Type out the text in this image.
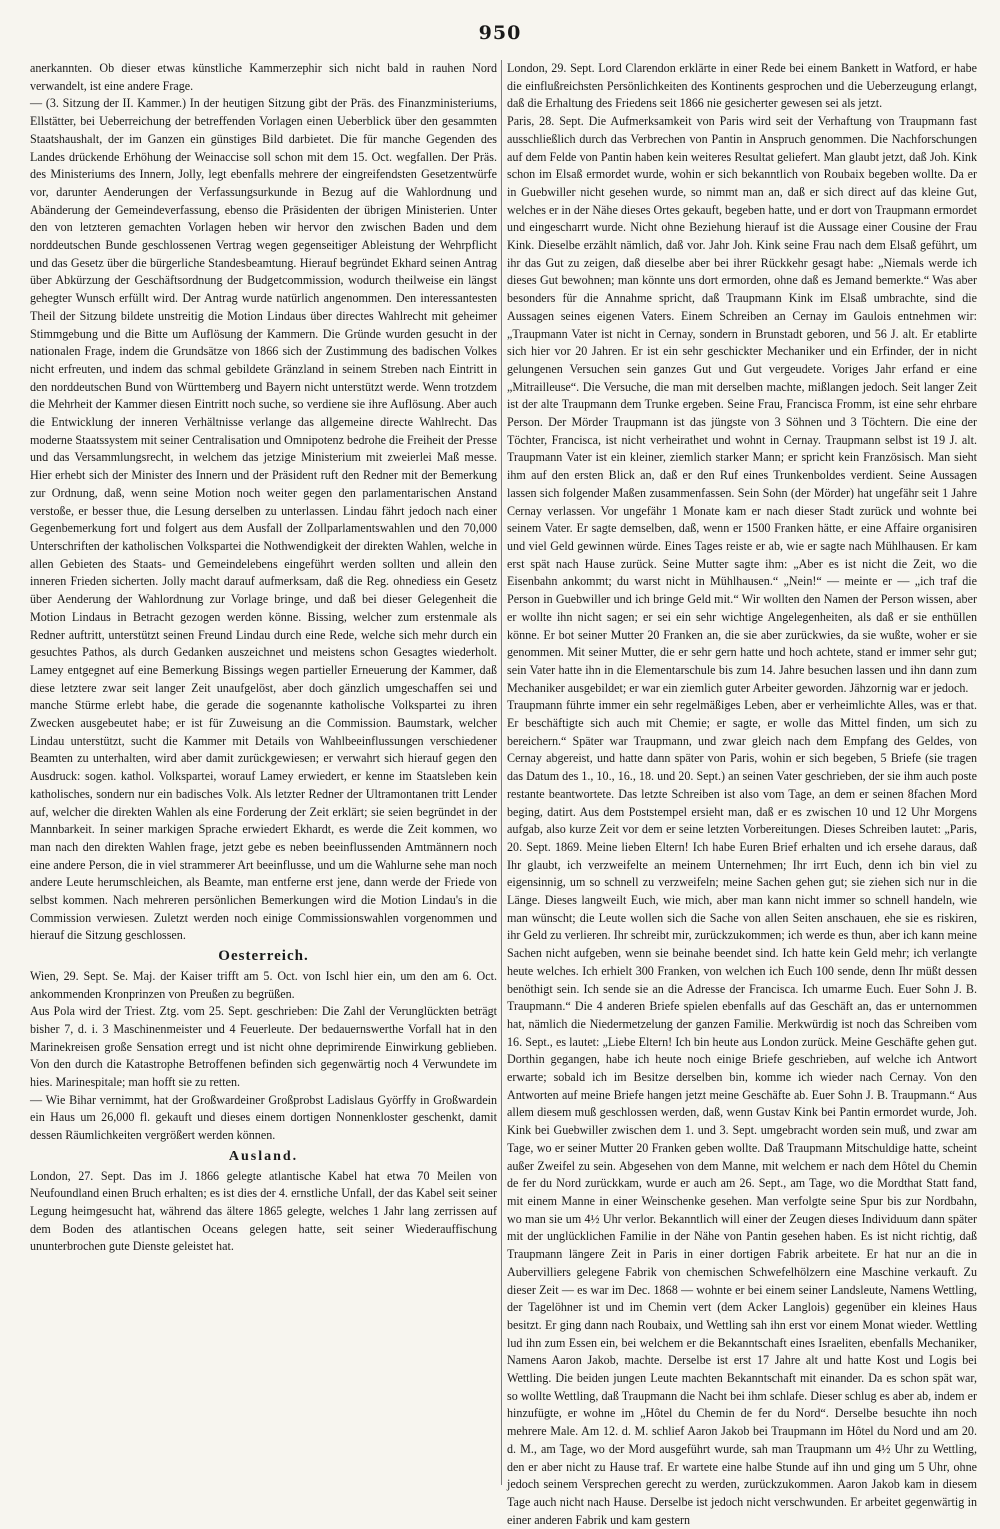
950

anerkannten. Ob dieser etwas künstliche Kammerzephir sich nicht bald in rauhen Nord verwandelt, ist eine andere Frage.

— (3. Sitzung der II. Kammer.) In der heutigen Sitzung gibt der Präs. des Finanzministeriums, Ellstätter, bei Ueberreichung der betreffenden Vorlagen einen Ueberblick über den gesammten Staatshaushalt, der im Ganzen ein günstiges Bild darbietet. Die für manche Gegenden des Landes drückende Erhöhung der Weinaccise soll schon mit dem 15. Oct. wegfallen. Der Präs. des Ministeriums des Innern, Jolly, legt ebenfalls mehrere der eingreifendsten Gesetzentwürfe vor, darunter Aenderungen der Verfassungsurkunde in Bezug auf die Wahlordnung und Abänderung der Gemeindeverfassung, ebenso die Präsidenten der übrigen Ministerien. Unter den von letzteren gemachten Vorlagen heben wir hervor den zwischen Baden und dem norddeutschen Bunde geschlossenen Vertrag wegen gegenseitiger Ableistung der Wehrpflicht und das Gesetz über die bürgerliche Standesbeamtung. Hierauf begründet Ekhard seinen Antrag über Abkürzung der Geschäftsordnung der Budgetcommission, wodurch theilweise ein längst gehegter Wunsch erfüllt wird. Der Antrag wurde natürlich angenommen. Den interessantesten Theil der Sitzung bildete unstreitig die Motion Lindaus über directes Wahlrecht mit geheimer Stimmgebung und die Bitte um Auflösung der Kammern. Die Gründe wurden gesucht in der nationalen Frage, indem die Grundsätze von 1866 sich der Zustimmung des badischen Volkes nicht erfreuten, und indem das schmal gebildete Gränzland in seinem Streben nach Eintritt in den norddeutschen Bund von Württemberg und Bayern nicht unterstützt werde. Wenn trotzdem die Mehrheit der Kammer diesen Eintritt noch suche, so verdiene sie ihre Auflösung. Aber auch die Entwicklung der inneren Verhältnisse verlange das allgemeine directe Wahlrecht. Das moderne Staatssystem mit seiner Centralisation und Omnipotenz bedrohe die Freiheit der Presse und das Versammlungsrecht, in welchem das jetzige Ministerium mit zweierlei Maß messe. Hier erhebt sich der Minister des Innern und der Präsident ruft den Redner mit der Bemerkung zur Ordnung, daß, wenn seine Motion noch weiter gegen den parlamentarischen Anstand verstoße, er besser thue, die Lesung derselben zu unterlassen. Lindau fährt jedoch nach einer Gegenbemerkung fort und folgert aus dem Ausfall der Zollparlamentswahlen und den 70,000 Unterschriften der katholischen Volkspartei die Nothwendigkeit der direkten Wahlen, welche in allen Gebieten des Staats- und Gemeindelebens eingeführt werden sollten und allein den inneren Frieden sicherten. Jolly macht darauf aufmerksam, daß die Reg. ohnediess ein Gesetz über Aenderung der Wahlordnung zur Vorlage bringe, und daß bei dieser Gelegenheit die Motion Lindaus in Betracht gezogen werden könne. Bissing, welcher zum erstenmale als Redner auftritt, unterstützt seinen Freund Lindau durch eine Rede, welche sich mehr durch ein gesuchtes Pathos, als durch Gedanken auszeichnet und meistens schon Gesagtes wiederholt. Lamey entgegnet auf eine Bemerkung Bissings wegen partieller Erneuerung der Kammer, daß diese letztere zwar seit langer Zeit unaufgelöst, aber doch gänzlich umgeschaffen sei und manche Stürme erlebt habe, die gerade die sogenannte katholische Volkspartei zu ihren Zwecken ausgebeutet habe; er ist für Zuweisung an die Commission. Baumstark, welcher Lindau unterstützt, sucht die Kammer mit Details von Wahlbeeinflussungen verschiedener Beamten zu unterhalten, wird aber damit zurückgewiesen; er verwahrt sich hierauf gegen den Ausdruck: sogen. kathol. Volkspartei, worauf Lamey erwiedert, er kenne im Staatsleben kein katholisches, sondern nur ein badisches Volk. Als letzter Redner der Ultramontanen tritt Lender auf, welcher die direkten Wahlen als eine Forderung der Zeit erklärt; sie seien begründet in der Mannbarkeit. In seiner markigen Sprache erwiedert Ekhardt, es werde die Zeit kommen, wo man nach den direkten Wahlen frage, jetzt gebe es neben beeinflussenden Amtmännern noch eine andere Person, die in viel strammerer Art beeinflusse, und um die Wahlurne sehe man noch andere Leute herumschleichen, als Beamte, man entferne erst jene, dann werde der Friede von selbst kommen. Nach mehreren persönlichen Bemerkungen wird die Motion Lindau's in die Commission verwiesen. Zuletzt werden noch einige Commissionswahlen vorgenommen und hierauf die Sitzung geschlossen.

Oesterreich.

Wien, 29. Sept. Se. Maj. der Kaiser trifft am 5. Oct. von Ischl hier ein, um den am 6. Oct. ankommenden Kronprinzen von Preußen zu begrüßen.

Aus Pola wird der Triest. Ztg. vom 25. Sept. geschrieben: Die Zahl der Verunglückten beträgt bisher 7, d. i. 3 Maschinenmeister und 4 Feuerleute. Der bedauernswerthe Vorfall hat in den Marinekreisen große Sensation erregt und ist nicht ohne deprimirende Einwirkung geblieben. Von den durch die Katastrophe Betroffenen befinden sich gegenwärtig noch 4 Verwundete im hies. Marinespitale; man hofft sie zu retten.

— Wie Bihar vernimmt, hat der Großwardeiner Großprobst Ladislaus Györffy in Großwardein ein Haus um 26,000 fl. gekauft und dieses einem dortigen Nonnenkloster geschenkt, damit dessen Räumlichkeiten vergrößert werden können.

Ausland.

London, 27. Sept. Das im J. 1866 gelegte atlantische Kabel hat etwa 70 Meilen von Neufoundland einen Bruch erhalten; es ist dies der 4. ernstliche Unfall, der das Kabel seit seiner Legung heimgesucht hat, während das ältere 1865 gelegte, welches 1 Jahr lang zerrissen auf dem Boden des atlantischen Oceans gelegen hatte, seit seiner Wiederauffischung ununterbrochen gute Dienste geleistet hat.

London, 29. Sept. Lord Clarendon erklärte in einer Rede bei einem Bankett in Watford, er habe die einflußreichsten Persönlichkeiten des Kontinents gesprochen und die Ueberzeugung erlangt, daß die Erhaltung des Friedens seit 1866 nie gesicherter gewesen sei als jetzt.

Paris, 28. Sept. Die Aufmerksamkeit von Paris wird seit der Verhaftung von Traupmann fast ausschließlich durch das Verbrechen von Pantin in Anspruch genommen. Die Nachforschungen auf dem Felde von Pantin haben kein weiteres Resultat geliefert. Man glaubt jetzt, daß Joh. Kink schon im Elsaß ermordet wurde, wohin er sich bekanntlich von Roubaix begeben wollte. Da er in Guebwiller nicht gesehen wurde, so nimmt man an, daß er sich direct auf das kleine Gut, welches er in der Nähe dieses Ortes gekauft, begeben hatte, und er dort von Traupmann ermordet und eingescharrt wurde. Nicht ohne Beziehung hierauf ist die Aussage einer Cousine der Frau Kink. Dieselbe erzählt nämlich, daß vor. Jahr Joh. Kink seine Frau nach dem Elsaß geführt, um ihr das Gut zu zeigen, daß dieselbe aber bei ihrer Rückkehr gesagt habe: „Niemals werde ich dieses Gut bewohnen; man könnte uns dort ermorden, ohne daß es Jemand bemerkte.“ Was aber besonders für die Annahme spricht, daß Traupmann Kink im Elsaß umbrachte, sind die Aussagen seines eigenen Vaters. Einem Schreiben an Cernay im Gaulois entnehmen wir: „Traupmann Vater ist nicht in Cernay, sondern in Brunstadt geboren, und 56 J. alt. Er etablirte sich hier vor 20 Jahren. Er ist ein sehr geschickter Mechaniker und ein Erfinder, der in nicht gelungenen Versuchen sein ganzes Gut und Gut vergeudete. Voriges Jahr erfand er eine „Mitrailleuse“. Die Versuche, die man mit derselben machte, mißlangen jedoch. Seit langer Zeit ist der alte Traupmann dem Trunke ergeben. Seine Frau, Francisca Fromm, ist eine sehr ehrbare Person. Der Mörder Traupmann ist das jüngste von 3 Söhnen und 3 Töchtern. Die eine der Töchter, Francisca, ist nicht verheirathet und wohnt in Cernay. Traupmann selbst ist 19 J. alt. Traupmann Vater ist ein kleiner, ziemlich starker Mann; er spricht kein Französisch. Man sieht ihm auf den ersten Blick an, daß er den Ruf eines Trunkenboldes verdient. Seine Aussagen lassen sich folgender Maßen zusammenfassen. Sein Sohn (der Mörder) hat ungefähr seit 1 Jahre Cernay verlassen. Vor ungefähr 1 Monate kam er nach dieser Stadt zurück und wohnte bei seinem Vater. Er sagte demselben, daß, wenn er 1500 Franken hätte, er eine Affaire organisiren und viel Geld gewinnen würde. Eines Tages reiste er ab, wie er sagte nach Mühlhausen. Er kam erst spät nach Hause zurück. Seine Mutter sagte ihm: „Aber es ist nicht die Zeit, wo die Eisenbahn ankommt; du warst nicht in Mühlhausen.“ „Nein!“ — meinte er — „ich traf die Person in Guebwiller und ich bringe Geld mit.“ Wir wollten den Namen der Person wissen, aber er wollte ihn nicht sagen; er sei ein sehr wichtige Angelegenheiten, als daß er sie enthüllen könne. Er bot seiner Mutter 20 Franken an, die sie aber zurückwies, da sie wußte, woher er sie genommen. Mit seiner Mutter, die er sehr gern hatte und hoch achtete, stand er immer sehr gut; sein Vater hatte ihn in die Elementarschule bis zum 14. Jahre besuchen lassen und ihn dann zum Mechaniker ausgebildet; er war ein ziemlich guter Arbeiter geworden. Jähzornig war er jedoch.

Traupmann führte immer ein sehr regelmäßiges Leben, aber er verheimlichte Alles, was er that. Er beschäftigte sich auch mit Chemie; er sagte, er wolle das Mittel finden, um sich zu bereichern.“ Später war Traupmann, und zwar gleich nach dem Empfang des Geldes, von Cernay abgereist, und hatte dann später von Paris, wohin er sich begeben, 5 Briefe (sie tragen das Datum des 1., 10., 16., 18. und 20. Sept.) an seinen Vater geschrieben, der sie ihm auch poste restante beantwortete. Das letzte Schreiben ist also vom Tage, an dem er seinen 8fachen Mord beging, datirt. Aus dem Poststempel ersieht man, daß er es zwischen 10 und 12 Uhr Morgens aufgab, also kurze Zeit vor dem er seine letzten Vorbereitungen. Dieses Schreiben lautet: „Paris, 20. Sept. 1869. Meine lieben Eltern! Ich habe Euren Brief erhalten und ich ersehe daraus, daß Ihr glaubt, ich verzweifelte an meinem Unternehmen; Ihr irrt Euch, denn ich bin viel zu eigensinnig, um so schnell zu verzweifeln; meine Sachen gehen gut; sie ziehen sich nur in die Länge. Dieses langweilt Euch, wie mich, aber man kann nicht immer so schnell handeln, wie man wünscht; die Leute wollen sich die Sache von allen Seiten anschauen, ehe sie es riskiren, ihr Geld zu verlieren. Ihr schreibt mir, zurückzukommen; ich werde es thun, aber ich kann meine Sachen nicht aufgeben, wenn sie beinahe beendet sind. Ich hatte kein Geld mehr; ich verlangte heute welches. Ich erhielt 300 Franken, von welchen ich Euch 100 sende, denn Ihr müßt dessen benöthigt sein. Ich sende sie an die Adresse der Francisca. Ich umarme Euch. Euer Sohn J. B. Traupmann.“ Die 4 anderen Briefe spielen ebenfalls auf das Geschäft an, das er unternommen hat, nämlich die Niedermetzelung der ganzen Familie. Merkwürdig ist noch das Schreiben vom 16. Sept., es lautet: „Liebe Eltern! Ich bin heute aus London zurück. Meine Geschäfte gehen gut. Dorthin gegangen, habe ich heute noch einige Briefe geschrieben, auf welche ich Antwort erwarte; sobald ich im Besitze derselben bin, komme ich wieder nach Cernay. Von den Antworten auf meine Briefe hangen jetzt meine Geschäfte ab. Euer Sohn J. B. Traupmann.“ Aus allem diesem muß geschlossen werden, daß, wenn Gustav Kink bei Pantin ermordet wurde, Joh. Kink bei Guebwiller zwischen dem 1. und 3. Sept. umgebracht worden sein muß, und zwar am Tage, wo er seiner Mutter 20 Franken geben wollte. Daß Traupmann Mitschuldige hatte, scheint außer Zweifel zu sein. Abgesehen von dem Manne, mit welchem er nach dem Hôtel du Chemin de fer du Nord zurückkam, wurde er auch am 26. Sept., am Tage, wo die Mordthat Statt fand, mit einem Manne in einer Weinschenke gesehen. Man verfolgte seine Spur bis zur Nordbahn, wo man sie um 4½ Uhr verlor. Bekanntlich will einer der Zeugen dieses Individuum dann später mit der unglücklichen Familie in der Nähe von Pantin gesehen haben. Es ist nicht richtig, daß Traupmann längere Zeit in Paris in einer dortigen Fabrik arbeitete. Er hat nur an die in Aubervilliers gelegene Fabrik von chemischen Schwefelhölzern eine Maschine verkauft. Zu dieser Zeit — es war im Dec. 1868 — wohnte er bei einem seiner Landsleute, Namens Wettling, der Tagelöhner ist und im Chemin vert (dem Acker Langlois) gegenüber ein kleines Haus besitzt. Er ging dann nach Roubaix, und Wettling sah ihn erst vor einem Monat wieder. Wettling lud ihn zum Essen ein, bei welchem er die Bekanntschaft eines Israeliten, ebenfalls Mechaniker, Namens Aaron Jakob, machte. Derselbe ist erst 17 Jahre alt und hatte Kost und Logis bei Wettling. Die beiden jungen Leute machten Bekanntschaft mit einander. Da es schon spät war, so wollte Wettling, daß Traupmann die Nacht bei ihm schlafe. Dieser schlug es aber ab, indem er hinzufügte, er wohne im „Hôtel du Chemin de fer du Nord“. Derselbe besuchte ihn noch mehrere Male. Am 12. d. M. schlief Aaron Jakob bei Traupmann im Hôtel du Nord und am 20. d. M., am Tage, wo der Mord ausgeführt wurde, sah man Traupmann um 4½ Uhr zu Wettling, den er aber nicht zu Hause traf. Er wartete eine halbe Stunde auf ihn und ging um 5 Uhr, ohne jedoch seinem Versprechen gerecht zu werden, zurückzukommen. Aaron Jakob kam in diesem Tage auch nicht nach Hause. Derselbe ist jedoch nicht verschwunden. Er arbeitet gegenwärtig in einer anderen Fabrik und kam gestern
